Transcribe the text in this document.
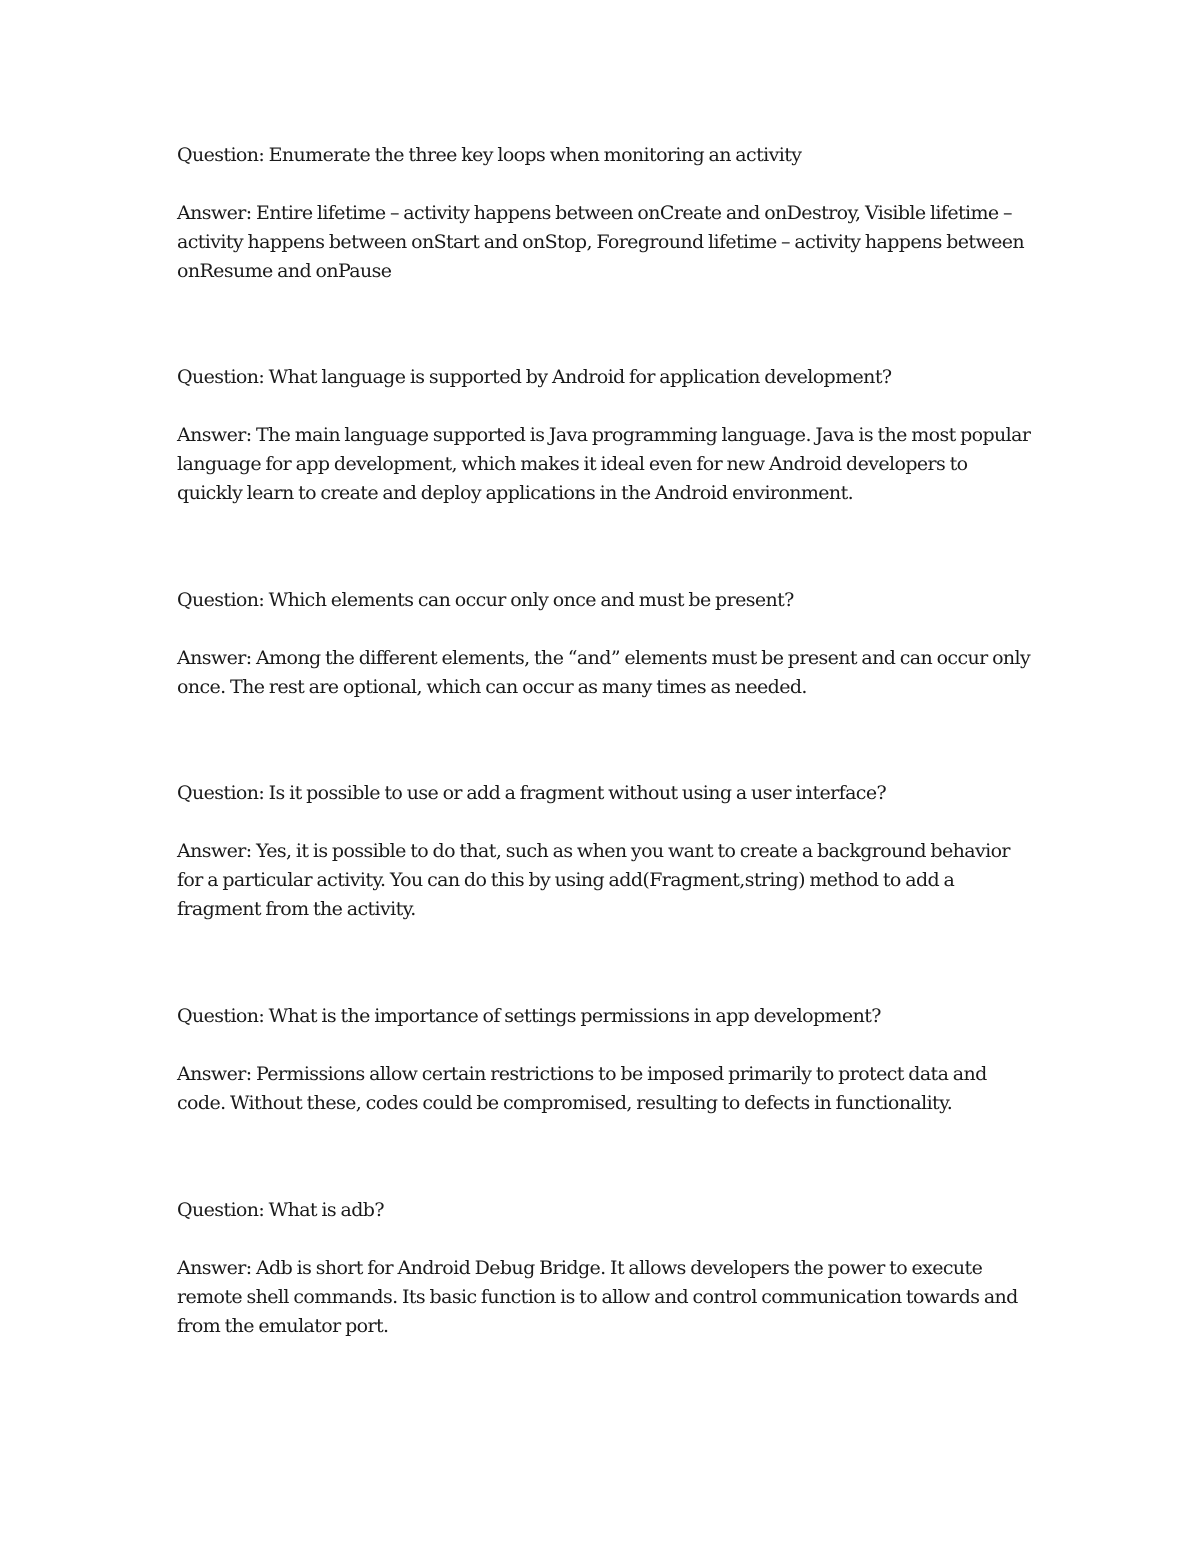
Question: Enumerate the three key loops when monitoring an activity

Answer: Entire lifetime – activity happens between onCreate and onDestroy, Visible lifetime – activity happens between onStart and onStop, Foreground lifetime – activity happens between onResume and onPause

Question: What language is supported by Android for application development?

Answer: The main language supported is Java programming language. Java is the most popular language for app development, which makes it ideal even for new Android developers to quickly learn to create and deploy applications in the Android environment.

Question: Which elements can occur only once and must be present?

Answer: Among the different elements, the “and” elements must be present and can occur only once. The rest are optional, which can occur as many times as needed.

Question: Is it possible to use or add a fragment without using a user interface?

Answer: Yes, it is possible to do that, such as when you want to create a background behavior for a particular activity. You can do this by using add(Fragment,string) method to add a fragment from the activity.

Question: What is the importance of settings permissions in app development?

Answer: Permissions allow certain restrictions to be imposed primarily to protect data and code. Without these, codes could be compromised, resulting to defects in functionality.

Question: What is adb?

Answer: Adb is short for Android Debug Bridge. It allows developers the power to execute remote shell commands. Its basic function is to allow and control communication towards and from the emulator port.
